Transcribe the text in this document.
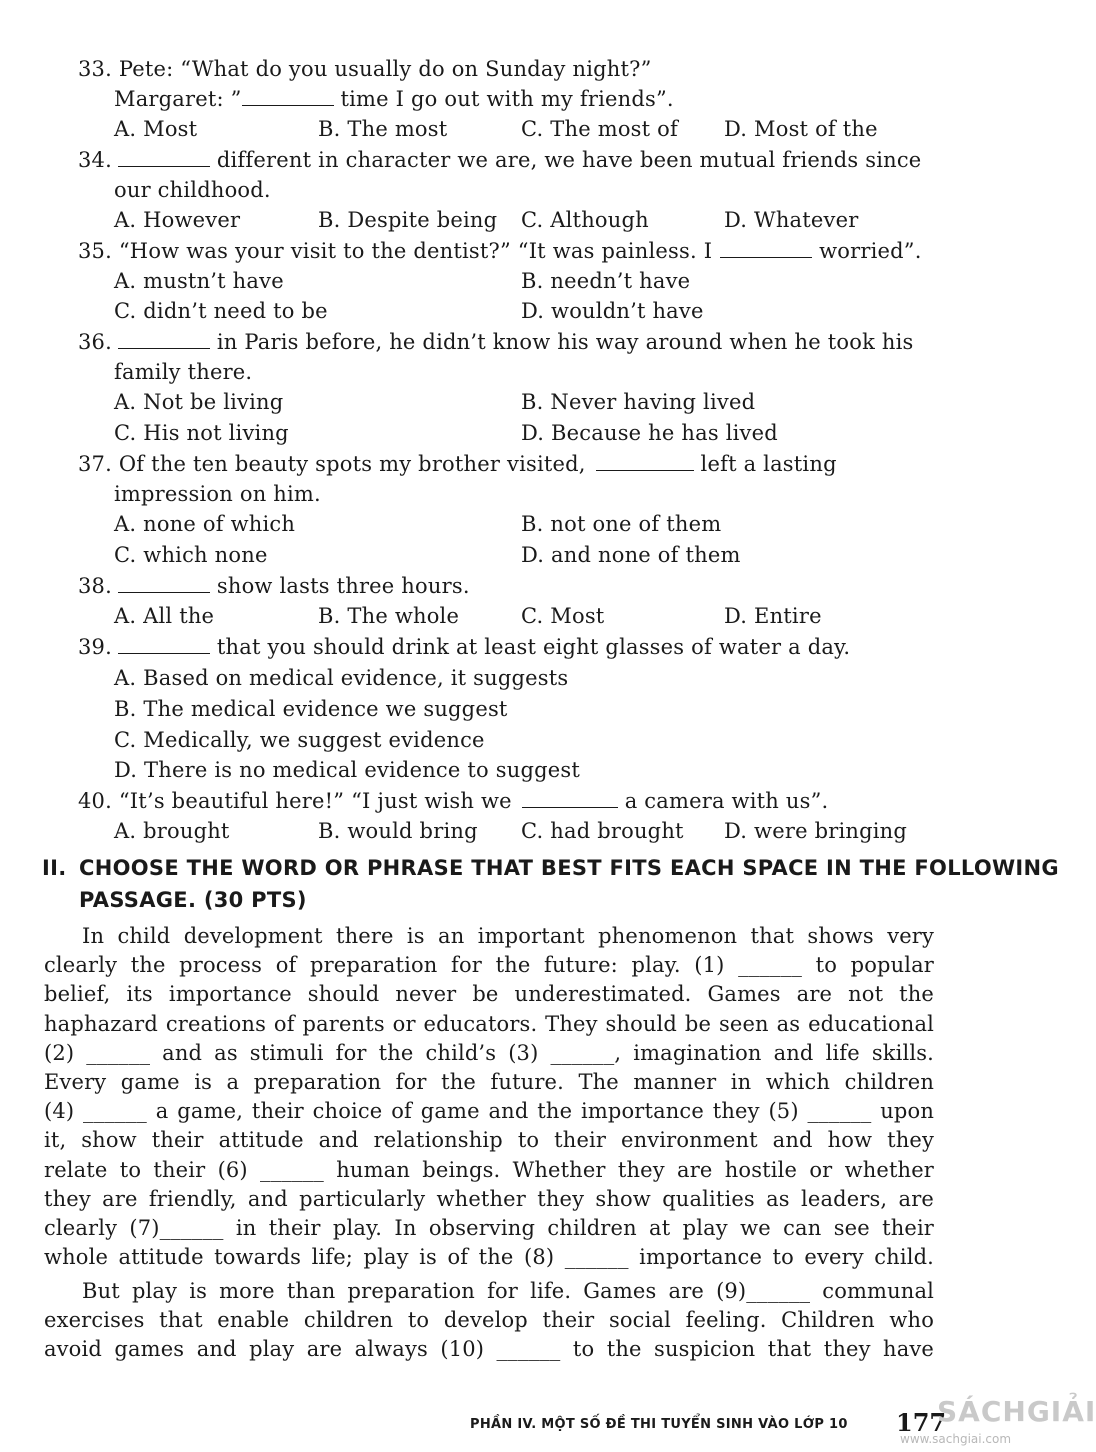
33. Pete: “What do you usually do on Sunday night?”
Margaret: ”	time I go out with my friends”.
A. Most	B. The most	C. The most of D. Most of the
34.	different in character we are, we have been mutual friends since
our childhood.
A. However	B. Despite being C. Although	D. Whatever
35. “How was your visit to the dentist?” “It was painless. I	worried”.
A. mustn’t have	B. needn’t have
C. didn’t need to be	D. wouldn’t have
36.	in Paris before, he didn’t know his way around when he took his
family there.
A. Not be living	B. Never having lived
C. His not living	D. Because he has lived
37. Of the ten beauty spots my brother visited,	left a lasting
impression on him.
A. none of which	B. not one of them
C. which none	D. and none of them
38.	show lasts three hours.
A. All the	B. The whole	C. Most	D. Entire
39.	that you should drink at least eight glasses of water a day.
A. Based on medical evidence, it suggests
B. The medical evidence we suggest
C. Medically, we suggest evidence
D. There is no medical evidence to suggest
40. “It’s beautiful here!” “I just wish we	a camera with us”.
A. brought	B. would bring C. had brought D. were bringing
II. CHOOSE THE WORD OR PHRASE THAT BEST FITS EACH SPACE IN THE FOLLOWING
PASSAGE. (30 PTS)
In child development there is an important phenomenon that shows very
clearly the process of preparation for the future: play. (1) ______ to popular
belief, its importance should never be underestimated. Games are not the
haphazard creations of parents or educators. They should be seen as educational
(2) ______ and as stimuli for the child’s (3) ______, imagination and life skills.
Every game is a preparation for the future. The manner in which children
(4) ______ a game, their choice of game and the importance they (5) ______ upon
it, show their attitude and relationship to their environment and how they
relate to their (6) ______ human beings. Whether they are hostile or whether
they are friendly, and particularly whether they show qualities as leaders, are
clearly (7)______ in their play. In observing children at play we can see their
whole attitude towards life; play is of the (8) ______ importance to every child.
But play is more than preparation for life. Games are (9)______ communal
exercises that enable children to develop their social feeling. Children who
avoid games and play are always (10) ______ to the suspicion that they have
PHẦN IV. MỘT SỐ ĐỀ THI TUYỂN SINH VÀO LỚP 10 177
SÁCHGIẢI
www.sachgiai.com
